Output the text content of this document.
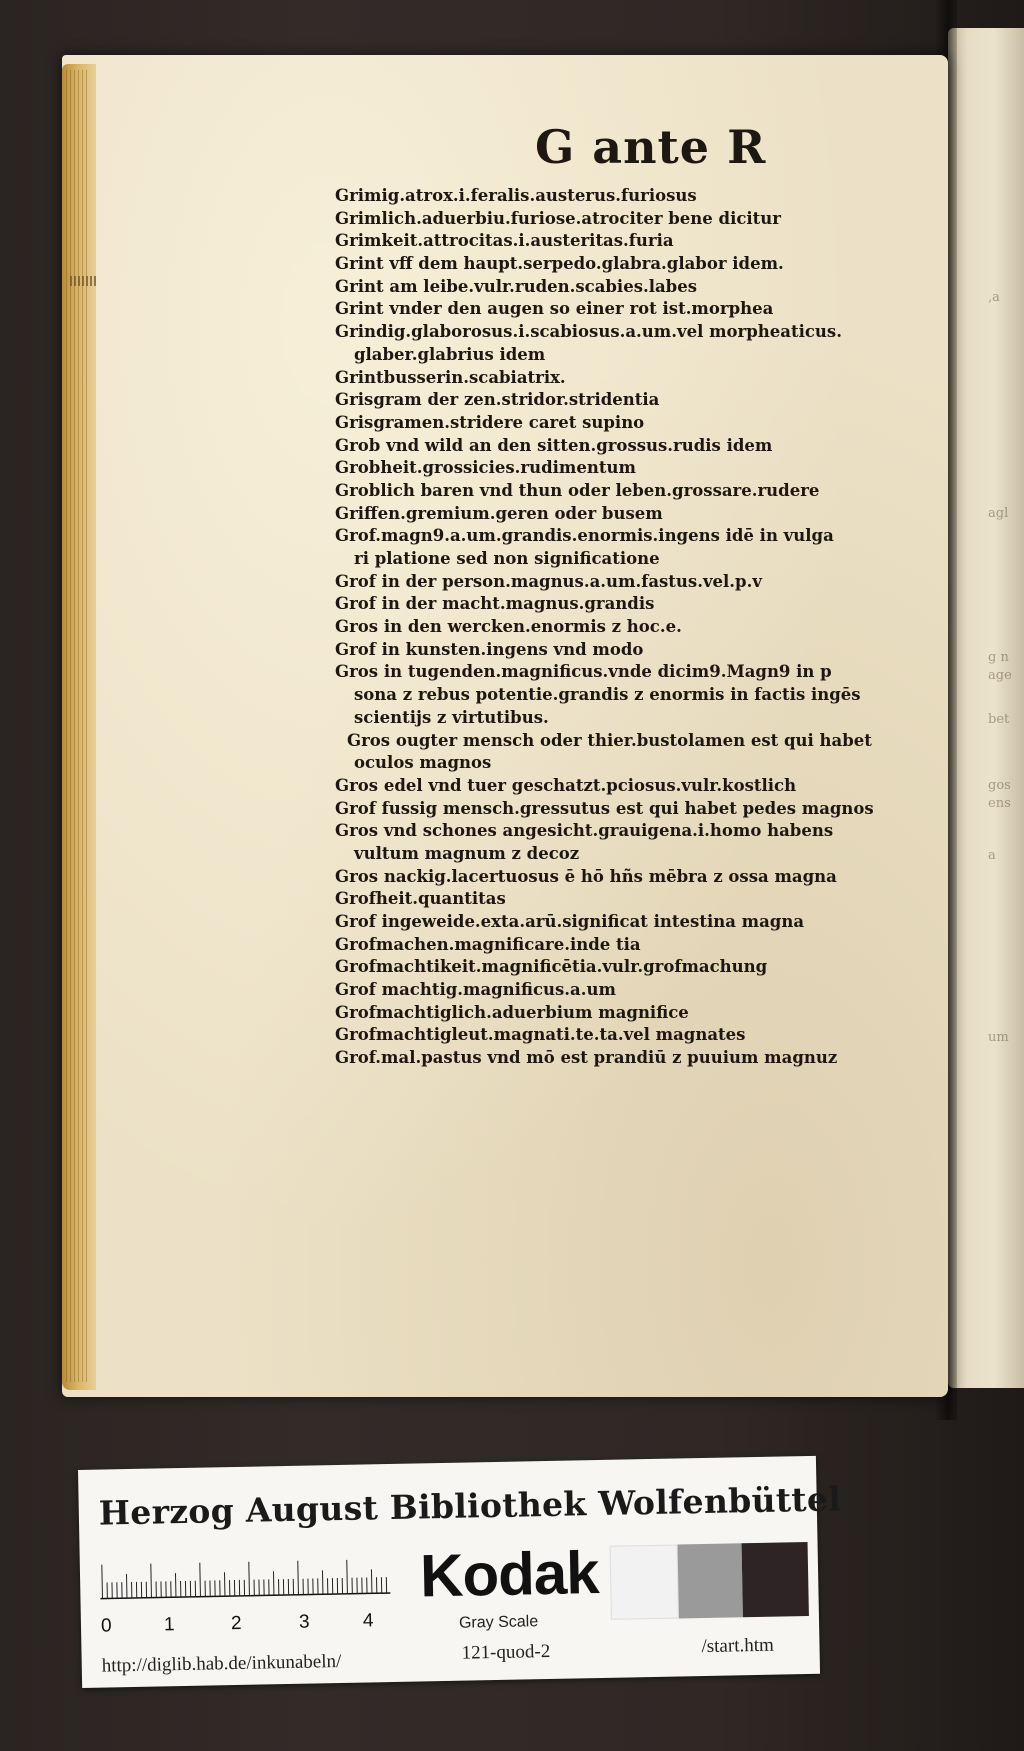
‚a
agl
g n
age
bet
gos
ens
a
um
G ante R
Grimig.atrox.i.feralis.austerus.furiosus
Grimlich.aduerbiu.furiose.atrociter bene dicitur
Grimkeit.attrocitas.i.austeritas.furia
Grint vff dem haupt.serpedo.glabra.glabor idem.
Grint am leibe.vulr.ruden.scabies.labes
Grint vnder den augen so einer rot ist.morphea
Grindig.glaborosus.i.scabiosus.a.um.vel morpheaticus.
glaber.glabrius idem
Grintbusserin.scabiatrix.
Grisgram der zen.stridor.stridentia
Grisgramen.stridere caret supino
Grob vnd wild an den sitten.grossus.rudis idem
Grobheit.grossicies.rudimentum
Groblich baren vnd thun oder leben.grossare.rudere
Griffen.gremium.geren oder busem
Grof.magn9.a.um.grandis.enormis.ingens idē in vulga
ri platione sed non significatione
Grof in der person.magnus.a.um.fastus.vel.p.v
Grof in der macht.magnus.grandis
Gros in den wercken.enormis z hoc.e.
Grof in kunsten.ingens vnd modo
Gros in tugenden.magnificus.vnde dicim9.Magn9 in p
sona z rebus potentie.grandis z enormis in factis ingēs
scientijs z virtutibus.
Gros ougter mensch oder thier.bustolamen est qui habet
oculos magnos
Gros edel vnd tuer geschatzt.pciosus.vulr.kostlich
Grof fussig mensch.gressutus est qui habet pedes magnos
Gros vnd schones angesicht.grauigena.i.homo habens
vultum magnum z decoz
Gros nackig.lacertuosus ē hō hñs mēbra z ossa magna
Grofheit.quantitas
Grof ingeweide.exta.arū.significat intestina magna
Grofmachen.magnificare.inde tia
Grofmachtikeit.magnificētia.vulr.grofmachung
Grof machtig.magnificus.a.um
Grofmachtiglich.aduerbium magnifice
Grofmachtigleut.magnati.te.ta.vel magnates
Grof.mal.pastus vnd mō est prandiū z puuium magnuz
Herzog August Bibliothek Wolfenbüttel
0	1	2	3	4
Kodak
Gray Scale
http://diglib.hab.de/inkunabeln/	121-quod-2	/start.htm
